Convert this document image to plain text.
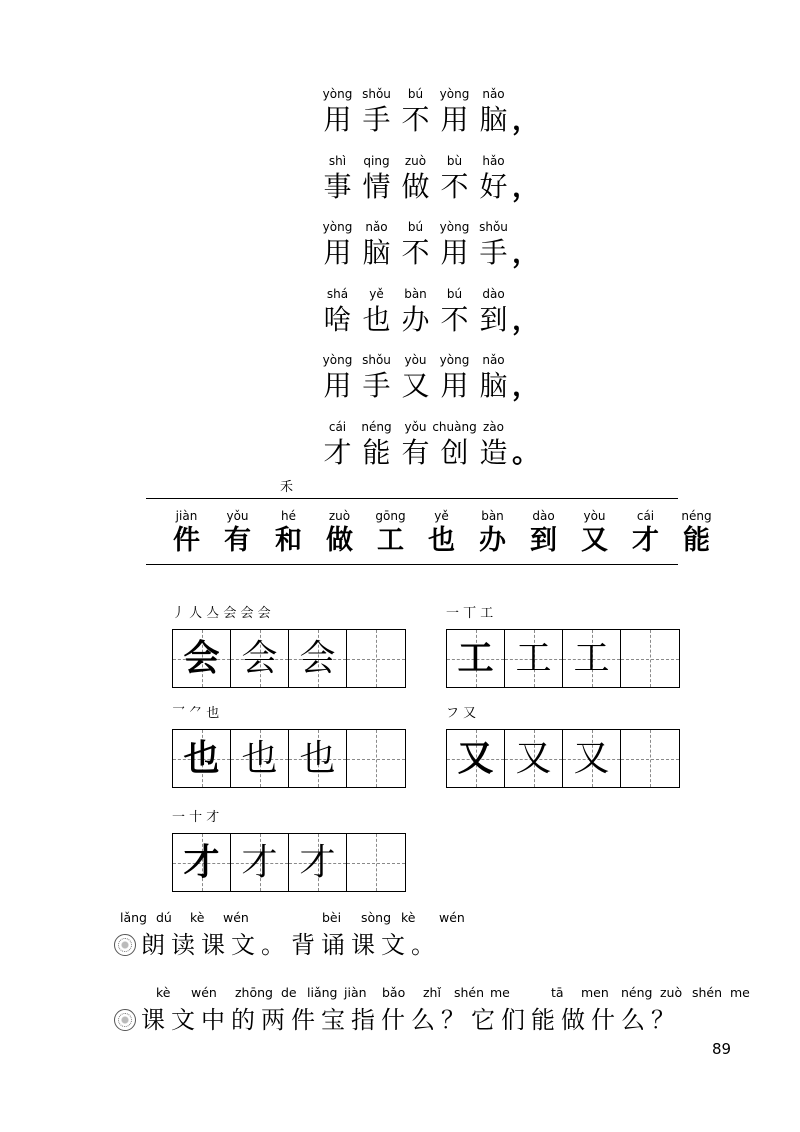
yòng
用
shǒu
手
bú
不
yòng
用
nǎo
脑 ，
shì
事
qing
情
zuò
做
bù
不
hǎo
好 ，
yòng
用
nǎo
脑
bú
不
yòng
用
shǒu
手 ，
shá
啥
yě
也
bàn
办
bú
不
dào
到 ，
yòng
用
shǒu
手
yòu
又
yòng
用
nǎo
脑 ，
cái
才
néng
能
yǒu
有
chuàng
创
zào
造 。
禾
jiàn
件
yǒu
有
hé
和
zuò
做
gōng
工
yě
也
bàn
办
dào
到
yòu
又
cái
才
néng
能
丿 人 亼 会 会 会
会 会 会
一 丅 工
工 工 工
乛 ⺈ 也
也 也 也
フ 又
又 又 又
一 十 才
才 才 才
lǎng dú kè wén	bèi sòng kè wén
朗读课文。背诵课文。
kè wén zhōng de liǎng jiàn bǎo zhǐ shén me	tā men néng zuò shén me
课文中的两件宝指什么？它们能做什么？
89
